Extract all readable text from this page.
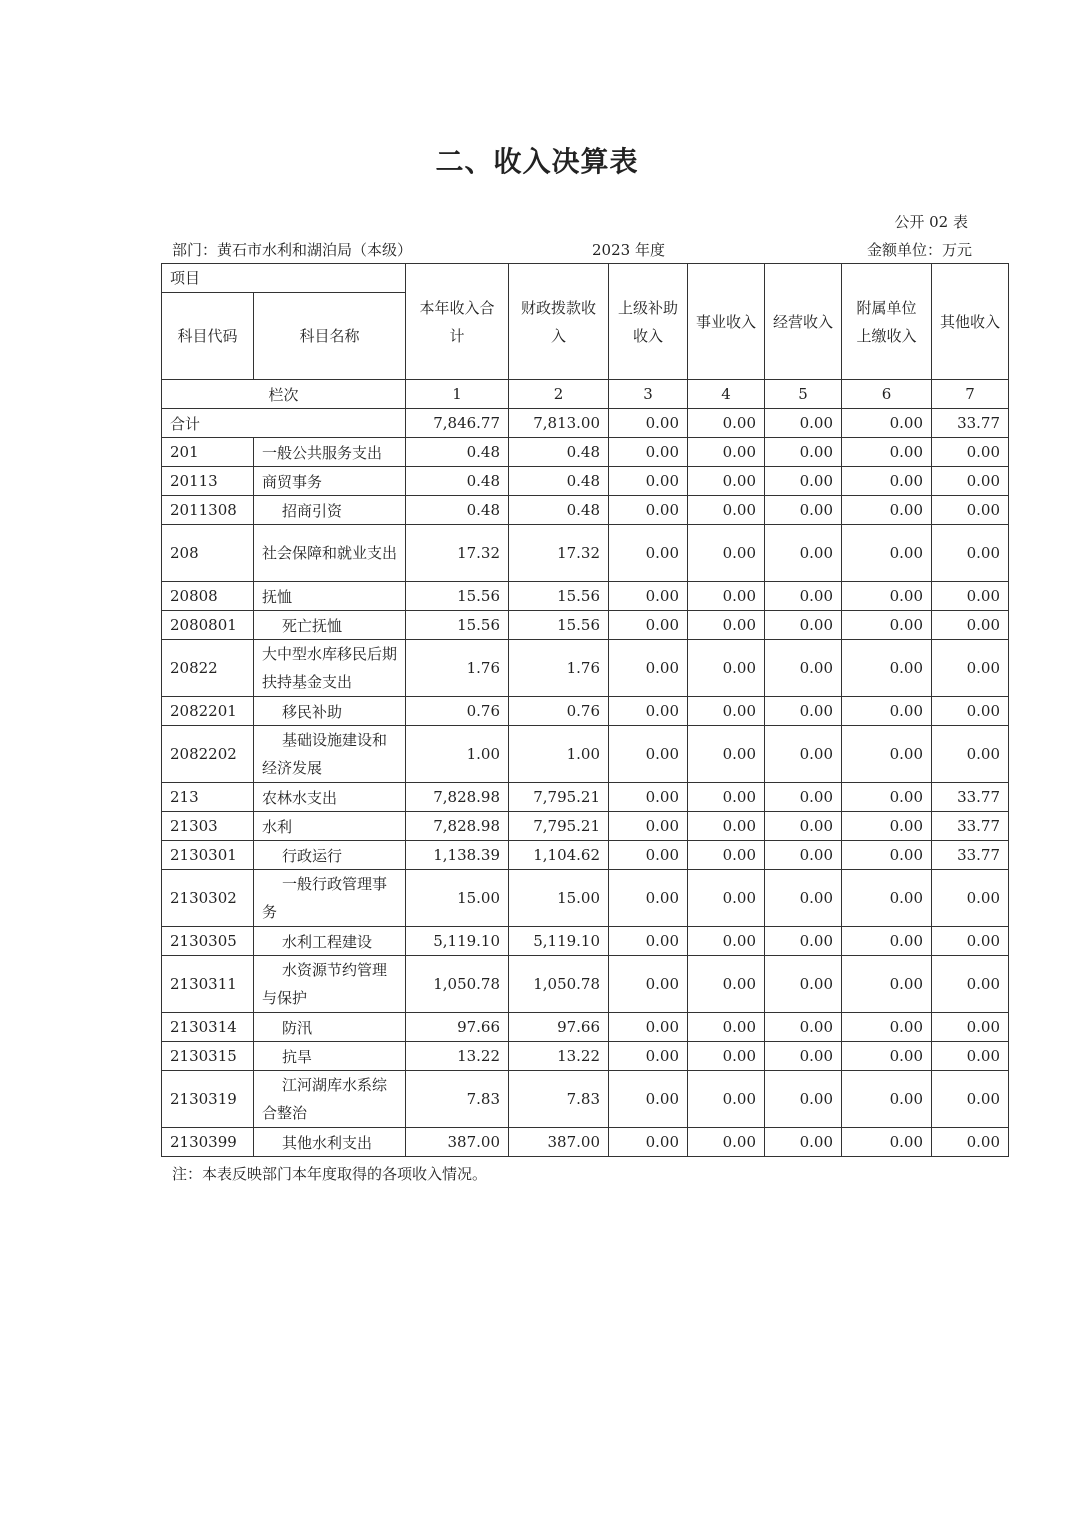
二、收入决算表
公开 02 表
部门：黄石市水利和湖泊局（本级）	2023 年度	金额单位：万元
项目		本年收入合计	财政拨款收入	上级补助收入	事业收入	经营收入	附属单位上缴收入	其他收入
科目代码	科目名称							
栏次		1	2	3	4	5	6	7
合计		7,846.77	7,813.00	0.00	0.00	0.00	0.00	33.77
201	一般公共服务支出	0.48	0.48	0.00	0.00	0.00	0.00	0.00
20113	商贸事务	0.48	0.48	0.00	0.00	0.00	0.00	0.00
2011308	招商引资	0.48	0.48	0.00	0.00	0.00	0.00	0.00
208	社会保障和就业支出	17.32	17.32	0.00	0.00	0.00	0.00	0.00
20808	抚恤	15.56	15.56	0.00	0.00	0.00	0.00	0.00
2080801	死亡抚恤	15.56	15.56	0.00	0.00	0.00	0.00	0.00
20822	大中型水库移民后期扶持基金支出	1.76	1.76	0.00	0.00	0.00	0.00	0.00
2082201	移民补助	0.76	0.76	0.00	0.00	0.00	0.00	0.00
2082202	基础设施建设和经济发展	1.00	1.00	0.00	0.00	0.00	0.00	0.00
213	农林水支出	7,828.98	7,795.21	0.00	0.00	0.00	0.00	33.77
21303	水利	7,828.98	7,795.21	0.00	0.00	0.00	0.00	33.77
2130301	行政运行	1,138.39	1,104.62	0.00	0.00	0.00	0.00	33.77
2130302	一般行政管理事务	15.00	15.00	0.00	0.00	0.00	0.00	0.00
2130305	水利工程建设	5,119.10	5,119.10	0.00	0.00	0.00	0.00	0.00
2130311	水资源节约管理与保护	1,050.78	1,050.78	0.00	0.00	0.00	0.00	0.00
2130314	防汛	97.66	97.66	0.00	0.00	0.00	0.00	0.00
2130315	抗旱	13.22	13.22	0.00	0.00	0.00	0.00	0.00
2130319	江河湖库水系综合整治	7.83	7.83	0.00	0.00	0.00	0.00	0.00
2130399	其他水利支出	387.00	387.00	0.00	0.00	0.00	0.00	0.00
注：本表反映部门本年度取得的各项收入情况。
